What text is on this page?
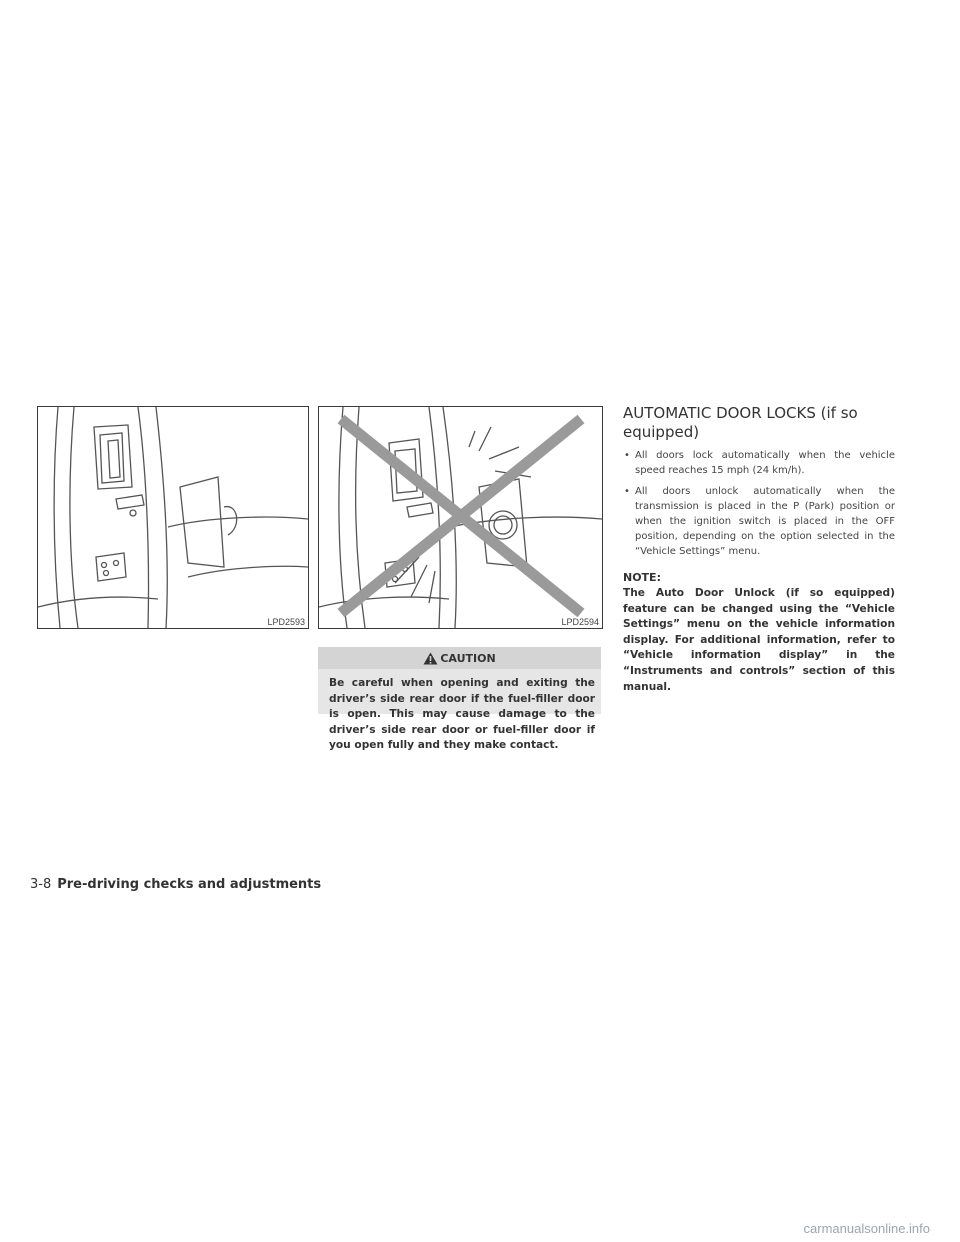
LPD2593	LPD2594
CAUTION
Be careful when opening and exiting the driver’s side rear door if the fuel-filler door is open. This may cause damage to the driver’s side rear door or fuel-filler door if you open fully and they make contact.
AUTOMATIC DOOR LOCKS (if so equipped)
• All doors lock automatically when the vehicle speed reaches 15 mph (24 km/h).
• All doors unlock automatically when the transmission is placed in the P (Park) position or when the ignition switch is placed in the OFF position, depending on the option selected in the “Vehicle Settings” menu.
NOTE:
The Auto Door Unlock (if so equipped) feature can be changed using the “Vehicle Settings” menu on the vehicle information display. For additional information, refer to “Vehicle information display” in the “Instruments and controls” section of this manual.
3-8 Pre-driving checks and adjustments
carmanualsonline.info
